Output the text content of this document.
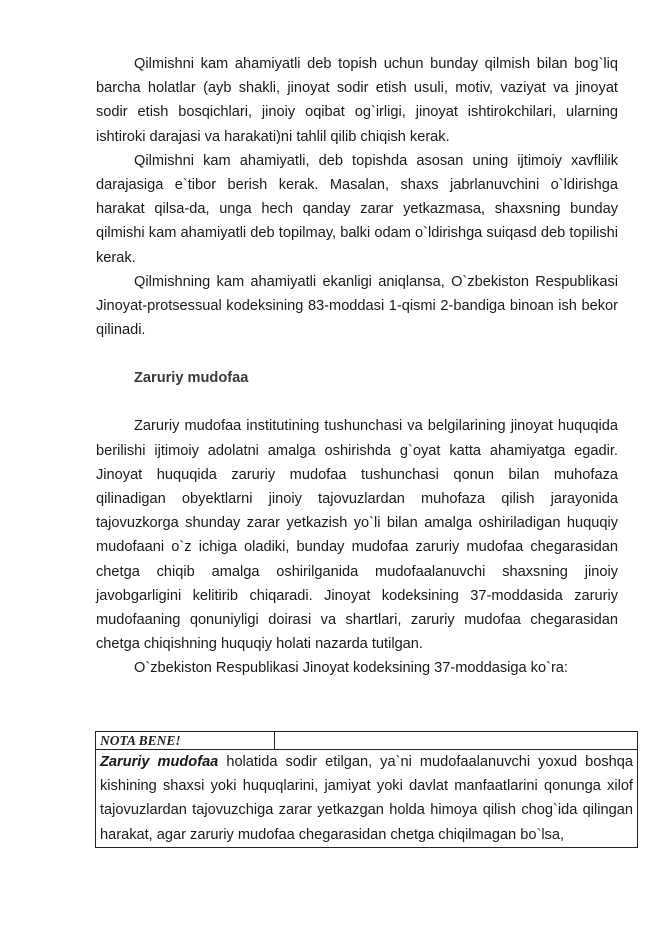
Qilmishni kam ahamiyatli deb topish uchun bunday qilmish bilan bog`liq barcha holatlar (ayb shakli, jinoyat sodir etish usuli, motiv, vaziyat va jinoyat sodir etish bosqichlari, jinoiy oqibat og`irligi, jinoyat ishtirokchilari, ularning ishtiroki darajasi va harakati)ni tahlil qilib chiqish kerak.

Qilmishni kam ahamiyatli, deb topishda asosan uning ijtimoiy xavflilik darajasiga e`tibor berish kerak. Masalan, shaxs jabrlanuvchini o`ldirishga harakat qilsa-da, unga hech qanday zarar yetkazmasa, shaxsning bunday qilmishi kam ahamiyatli deb topilmay, balki odam o`ldirishga suiqasd deb topilishi kerak.

Qilmishning kam ahamiyatli ekanligi aniqlansa, O`zbekiston Respublikasi Jinoyat-protsessual kodeksining 83-moddasi 1-qismi 2-bandiga binoan ish bekor qilinadi.

Zaruriy mudofaa

Zaruriy mudofaa institutining tushunchasi va belgilarining jinoyat huquqida berilishi ijtimoiy adolatni amalga oshirishda g`oyat katta ahamiyatga egadir. Jinoyat huquqida zaruriy mudofaa tushunchasi qonun bilan muhofaza qilinadigan obyektlarni jinoiy tajovuzlardan muhofaza qilish jarayonida tajovuzkorga shunday zarar yetkazish yo`li bilan amalga oshiriladigan huquqiy mudofaani o`z ichiga oladiki, bunday mudofaa zaruriy mudofaa chegarasidan chetga chiqib amalga oshirilganida mudofaalanuvchi shaxsning jinoiy javobgarligini kelitirib chiqaradi. Jinoyat kodeksining 37-moddasida zaruriy mudofaaning qonuniyligi doirasi va shartlari, zaruriy mudofaa chegarasidan chetga chiqishning huquqiy holati nazarda tutilgan.

O`zbekiston Respublikasi Jinoyat kodeksining 37-moddasiga ko`ra:

NOTA BENE!	
Zaruriy mudofaa holatida sodir etilgan, ya`ni mudofaalanuvchi yoxud boshqa kishining shaxsi yoki huquqlarini, jamiyat yoki davlat manfaatlarini qonunga xilof tajovuzlardan tajovuzchiga zarar yetkazgan holda himoya qilish chog`ida qilingan harakat, agar zaruriy mudofaa chegarasidan chetga chiqilmagan bo`lsa,
